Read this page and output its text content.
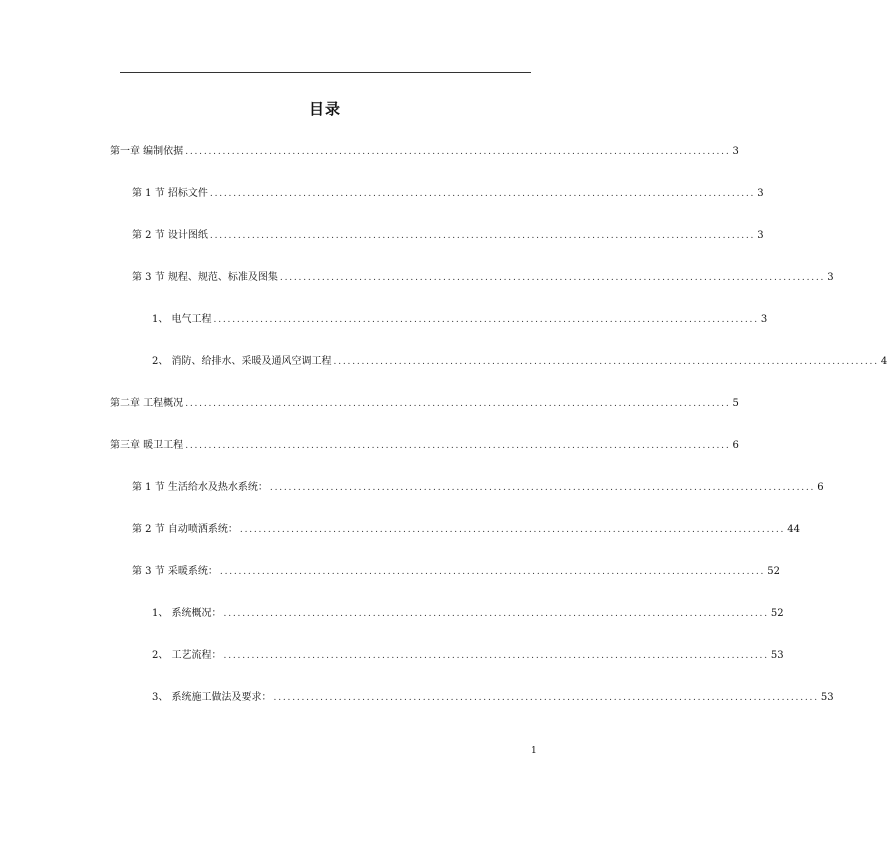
目录
第一章 编制依据 ..................................................................................................................... 3
第 1 节 招标文件 ..................................................................................................................... 3
第 2 节 设计图纸 ..................................................................................................................... 3
第 3 节 规程、规范、标准及图集 ..................................................................................................................... 3
1、 电气工程 ..................................................................................................................... 3
2、 消防、给排水、采暖及通风空调工程 ..................................................................................................................... 4
第二章 工程概况 ..................................................................................................................... 5
第三章 暖卫工程 ..................................................................................................................... 6
第 1 节 生活给水及热水系统： ..................................................................................................................... 6
第 2 节 自动喷洒系统： ..................................................................................................................... 44
第 3 节 采暖系统： ..................................................................................................................... 52
1、 系统概况： ..................................................................................................................... 52
2、 工艺流程： ..................................................................................................................... 53
3、 系统施工做法及要求： ..................................................................................................................... 53
1
